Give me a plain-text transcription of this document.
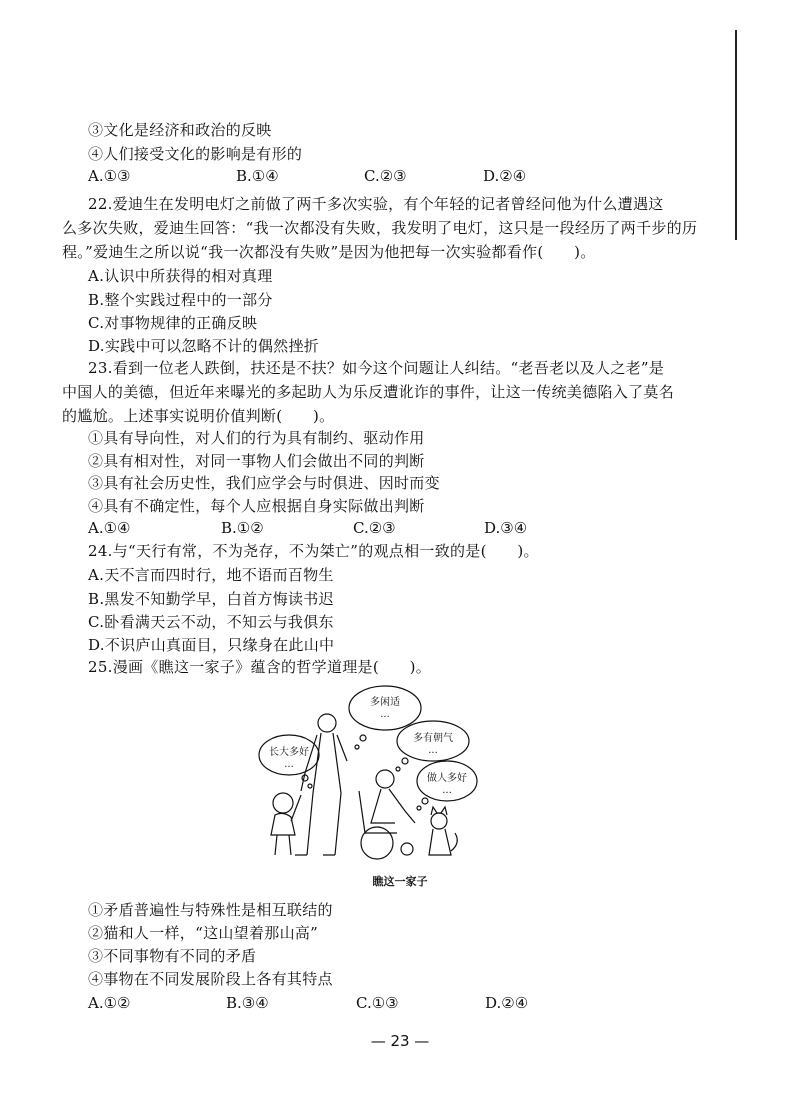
③文化是经济和政治的反映
④人们接受文化的影响是有形的
A.①③	B.①④	C.②③	D.②④
22.爱迪生在发明电灯之前做了两千多次实验，有个年轻的记者曾经问他为什么遭遇这
么多次失败，爱迪生回答：“我一次都没有失败，我发明了电灯，这只是一段经历了两千步的历
程。”爱迪生之所以说“我一次都没有失败”是因为他把每一次实验都看作(　　)。
A.认识中所获得的相对真理
B.整个实践过程中的一部分
C.对事物规律的正确反映
D.实践中可以忽略不计的偶然挫折
23.看到一位老人跌倒，扶还是不扶？如今这个问题让人纠结。“老吾老以及人之老”是
中国人的美德，但近年来曝光的多起助人为乐反遭讹诈的事件，让这一传统美德陷入了莫名
的尴尬。上述事实说明价值判断(　　)。
①具有导向性，对人们的行为具有制约、驱动作用
②具有相对性，对同一事物人们会做出不同的判断
③具有社会历史性，我们应学会与时俱进、因时而变
④具有不确定性，每个人应根据自身实际做出判断
A.①④	B.①②	C.②③	D.③④
24.与“天行有常，不为尧存，不为桀亡”的观点相一致的是(　　)。
A.天不言而四时行，地不语而百物生
B.黑发不知勤学早，白首方悔读书迟
C.卧看满天云不动，不知云与我俱东
D.不识庐山真面目，只缘身在此山中
25.漫画《瞧这一家子》蕴含的哲学道理是(　　)。
多闲适
...
多有朝气
...
长大多好
...
做人多好
...
瞧这一家子
①矛盾普遍性与特殊性是相互联结的
②猫和人一样，“这山望着那山高”
③不同事物有不同的矛盾
④事物在不同发展阶段上各有其特点
A.①②	B.③④	C.①③	D.②④
— 23 —
